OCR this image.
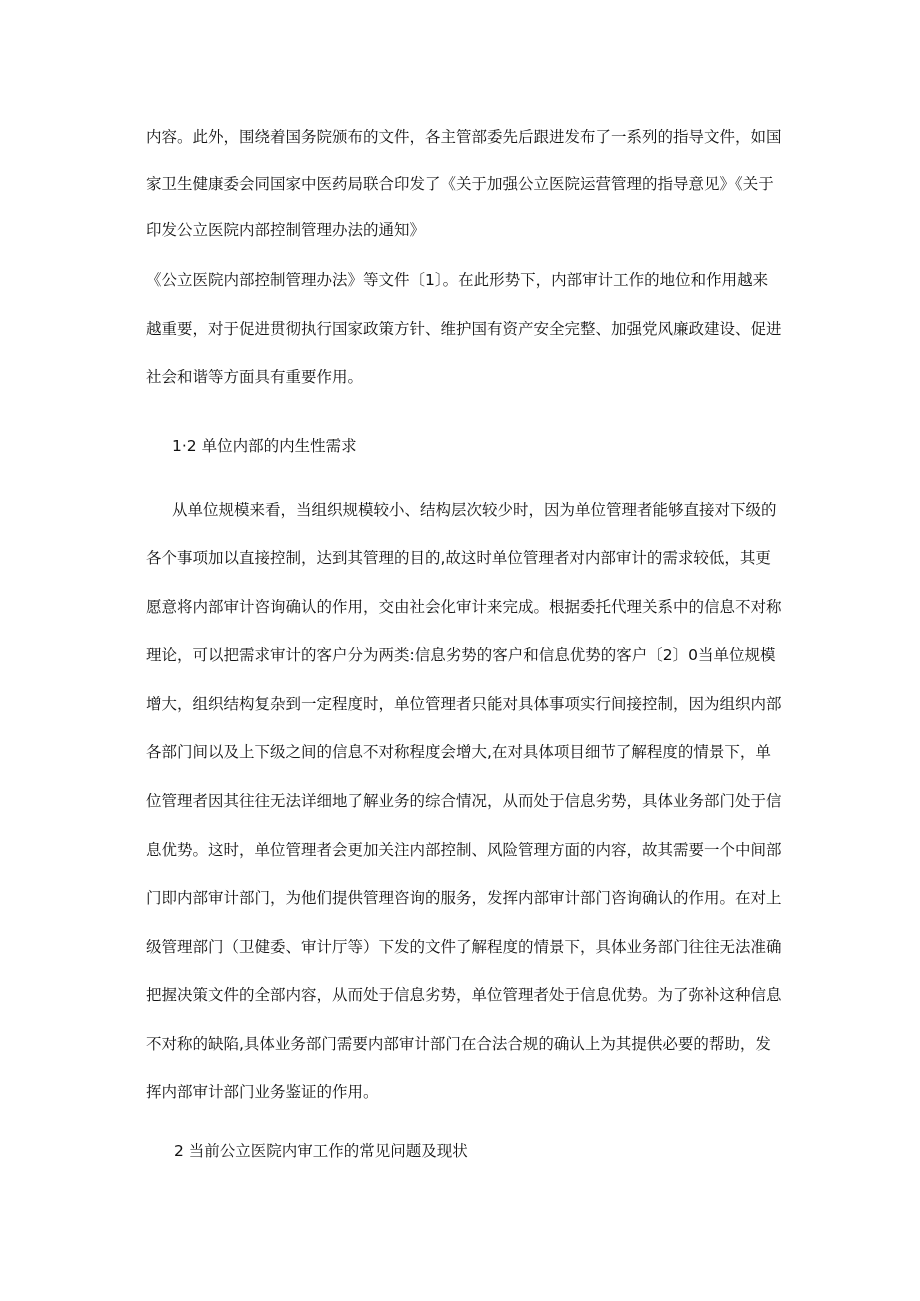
内容。此外，围绕着国务院颁布的文件，各主管部委先后跟进发布了一系列的指导文件，如国
家卫生健康委会同国家中医药局联合印发了《关于加强公立医院运营管理的指导意见》《关于
印发公立医院内部控制管理办法的通知》
《公立医院内部控制管理办法》等文件〔1〕。在此形势下，内部审计工作的地位和作用越来
越重要，对于促进贯彻执行国家政策方针、维护国有资产安全完整、加强党风廉政建设、促进
社会和谐等方面具有重要作用。
1·2 单位内部的内生性需求
从单位规模来看，当组织规模较小、结构层次较少时，因为单位管理者能够直接对下级的
各个事项加以直接控制，达到其管理的目的,故这时单位管理者对内部审计的需求较低，其更
愿意将内部审计咨询确认的作用，交由社会化审计来完成。根据委托代理关系中的信息不对称
理论，可以把需求审计的客户分为两类:信息劣势的客户和信息优势的客户〔2〕0当单位规模
增大，组织结构复杂到一定程度时，单位管理者只能对具体事项实行间接控制，因为组织内部
各部门间以及上下级之间的信息不对称程度会增大,在对具体项目细节了解程度的情景下，单
位管理者因其往往无法详细地了解业务的综合情况，从而处于信息劣势，具体业务部门处于信
息优势。这时，单位管理者会更加关注内部控制、风险管理方面的内容，故其需要一个中间部
门即内部审计部门，为他们提供管理咨询的服务，发挥内部审计部门咨询确认的作用。在对上
级管理部门（卫健委、审计厅等）下发的文件了解程度的情景下，具体业务部门往往无法准确
把握决策文件的全部内容，从而处于信息劣势，单位管理者处于信息优势。为了弥补这种信息
不对称的缺陷,具体业务部门需要内部审计部门在合法合规的确认上为其提供必要的帮助，发
挥内部审计部门业务鉴证的作用。
2 当前公立医院内审工作的常见问题及现状
